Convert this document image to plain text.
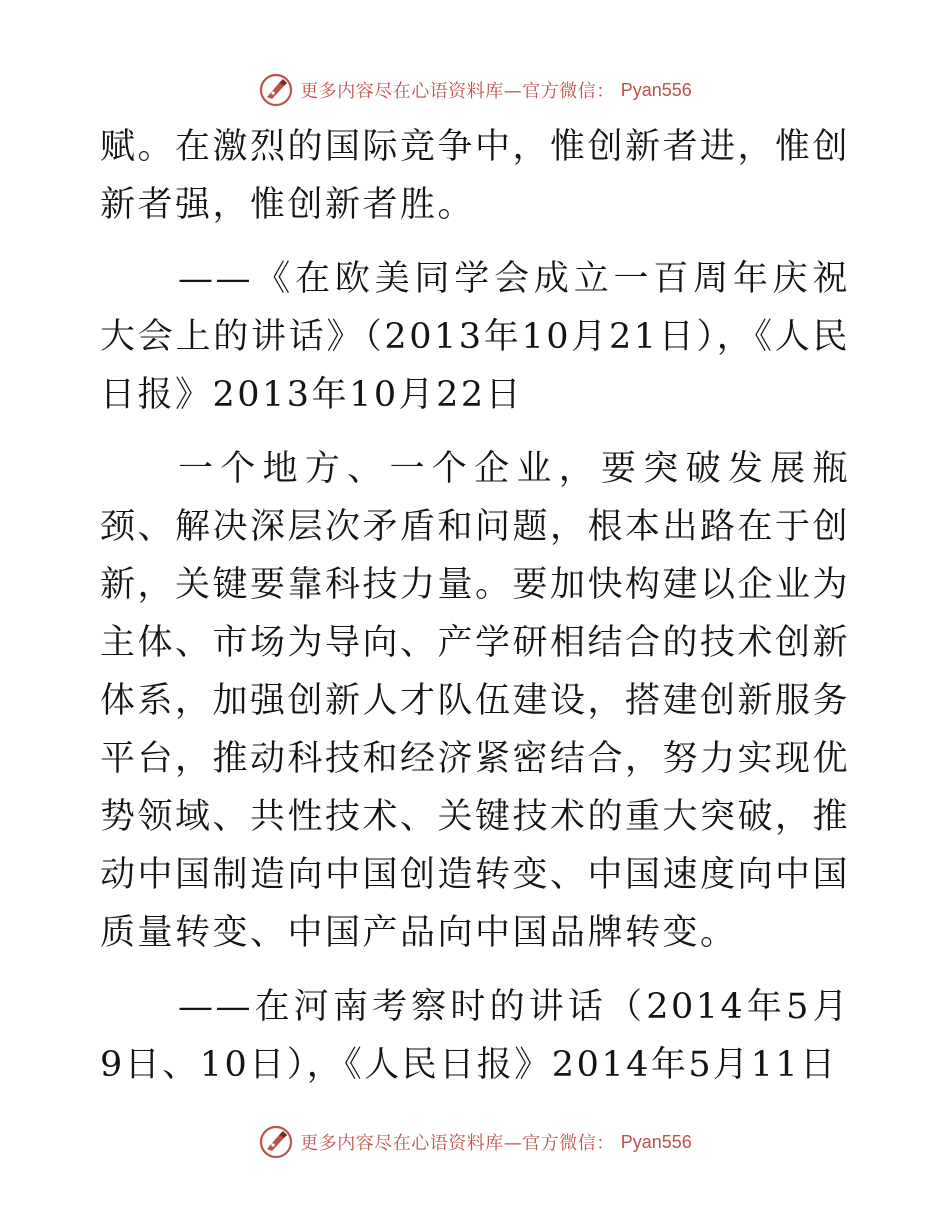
更多内容尽在心语资料库—官方微信： Pyan556

赋。在激烈的国际竞争中，惟创新者进，惟创新者强，惟创新者胜。

——《在欧美同学会成立一百周年庆祝大会上的讲话》（2013年10月21日），《人民日报》2013年10月22日

一个地方、一个企业，要突破发展瓶颈、解决深层次矛盾和问题，根本出路在于创新，关键要靠科技力量。要加快构建以企业为主体、市场为导向、产学研相结合的技术创新体系，加强创新人才队伍建设，搭建创新服务平台，推动科技和经济紧密结合，努力实现优势领域、共性技术、关键技术的重大突破，推动中国制造向中国创造转变、中国速度向中国质量转变、中国产品向中国品牌转变。

——在河南考察时的讲话（2014年5月9日、10日），《人民日报》2014年5月11日

更多内容尽在心语资料库—官方微信： Pyan556
